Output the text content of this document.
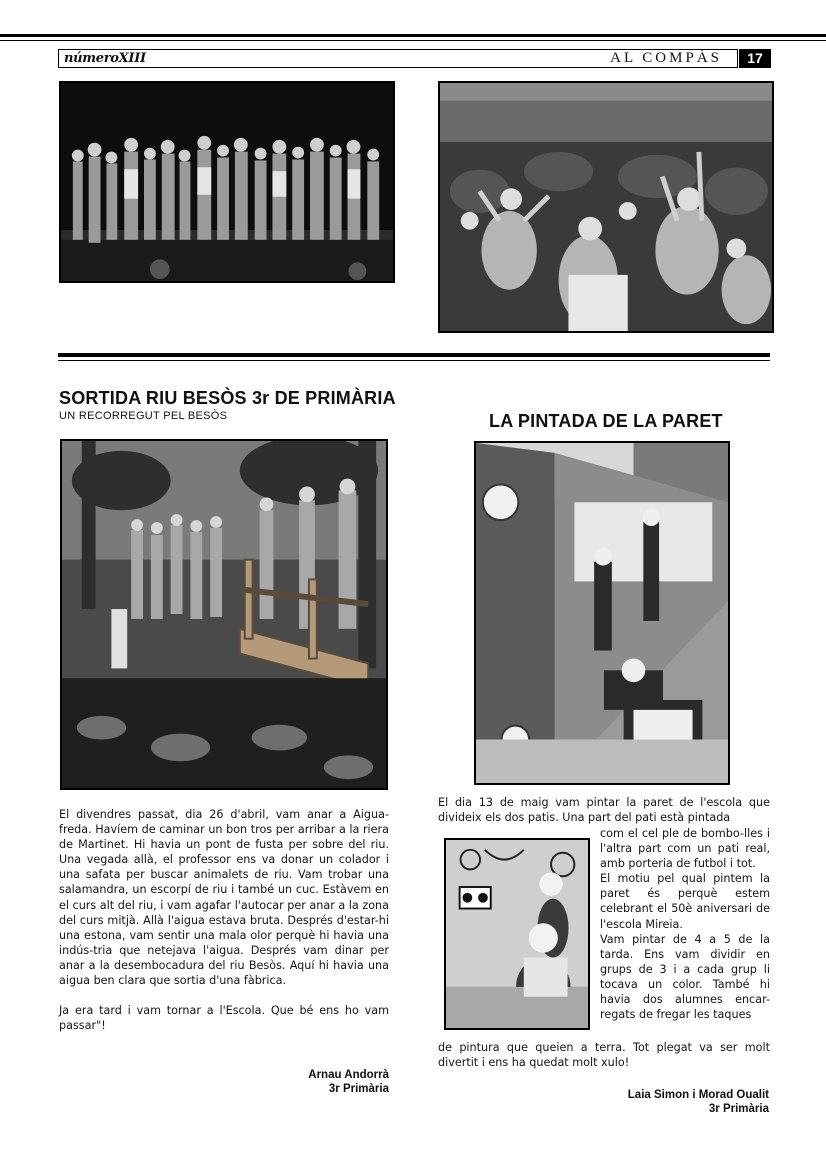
númeroXIII	AL COMPÀS	17
SORTIDA RIU BESÒS 3r DE PRIMÀRIA
UN RECORREGUT PEL BESÒS

El divendres passat, dia 26 d'abril, vam anar a Aigua-freda. Havíem de caminar un bon tros per arribar a la riera de Martinet. Hi havia un pont de fusta per sobre del riu. Una vegada allà, el professor ens va donar un colador i una safata per buscar animalets de riu. Vam trobar una salamandra, un escorpí de riu i també un cuc. Estàvem en el curs alt del riu, i vam agafar l'autocar per anar a la zona del curs mitjà. Allà l'aigua estava bruta. Després d'estar-hi una estona, vam sentir una mala olor perquè hi havia una indús-tria que netejava l'aigua. Després vam dinar per anar a la desembocadura del riu Besòs. Aquí hi havia una aigua ben clara que sortia d'una fàbrica.

Ja era tard i vam tornar a l'Escola. Que bé ens ho vam passar"!

Arnau Andorrà
3r Primària
LA PINTADA DE LA PARET
El dia 13 de maig vam pintar la paret de l'escola que divideix els dos patis. Una part del pati està pintada
com el cel ple de bombo-lles i l'altra part com un pati real, amb porteria de futbol i tot.
El motiu pel qual pintem la paret és perquè estem celebrant el 50è aniversari de l'escola Mireia.
Vam pintar de 4 a 5 de la tarda. Ens vam dividir en grups de 3 i a cada grup li tocava un color. També hi havia dos alumnes encar-regats de fregar les taques
de pintura que queien a terra. Tot plegat va ser molt divertit i ens ha quedat molt xulo!
Laia Simon i Morad Oualit
3r Primària
